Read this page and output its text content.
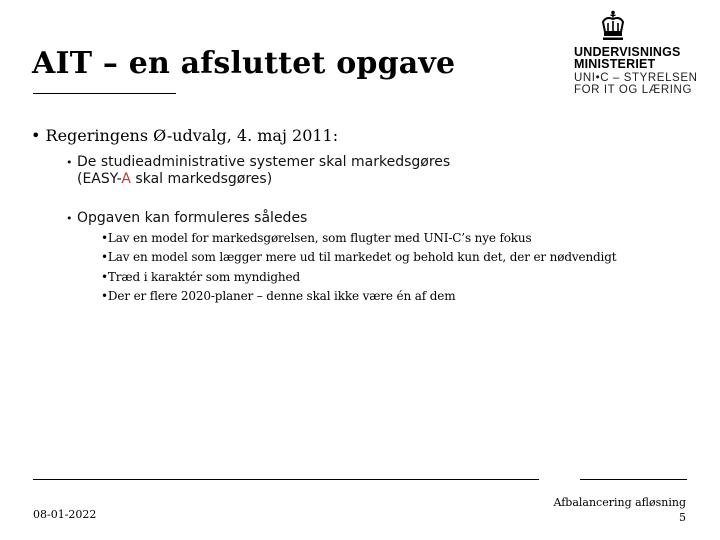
AIT – en afsluttet opgave	UNDERVISNINGS
MINISTERIET
UNI•C – STYRELSEN
FOR IT OG LÆRING
• Regeringens Ø-udvalg, 4. maj 2011:
• De studieadministrative systemer skal markedsgøres
(EASY-A skal markedsgøres)
• Opgaven kan formuleres således
•Lav en model for markedsgørelsen, som flugter med UNI-C’s nye fokus
•Lav en model som lægger mere ud til markedet og behold kun det, der er nødvendigt
•Træd i karaktér som myndighed
•Der er flere 2020-planer – denne skal ikke være én af dem
08-01-2022
Afbalancering afløsning
5
